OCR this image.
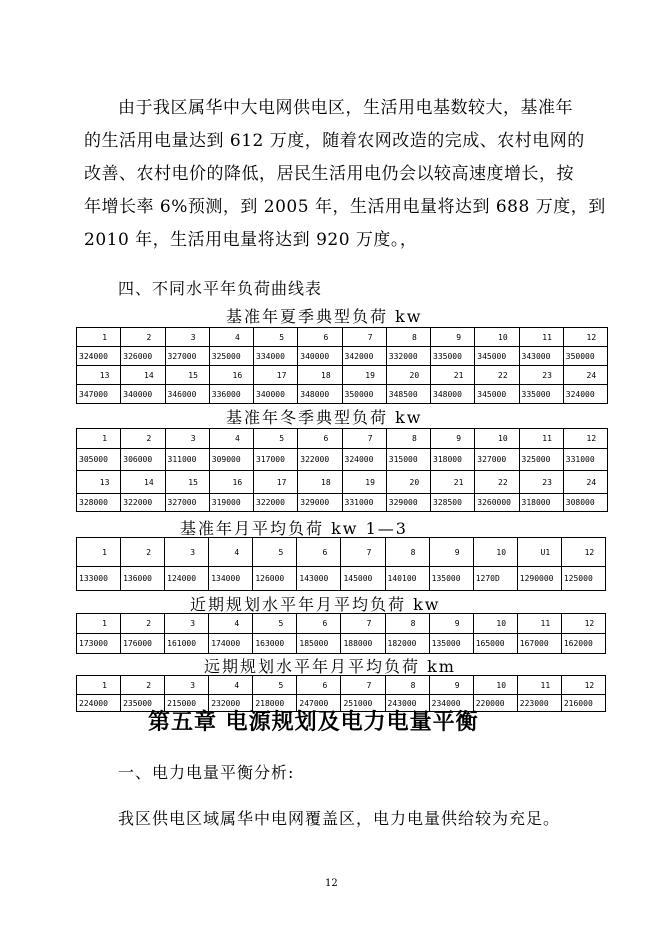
由于我区属华中大电网供电区，生活用电基数较大，基准年
的生活用电量达到 612 万度，随着农网改造的完成、农村电网的
改善、农村电价的降低，居民生活用电仍会以较高速度增长，按
年增长率 6%预测，到 2005 年，生活用电量将达到 688 万度，到
2010 年，生活用电量将达到 920 万度。，
四、不同水平年负荷曲线表
基准年夏季典型负荷 kw
1	2	3	4	5	6	7	8	9	10	11	12
324000	326000	327000	325000	334000	340000	342000	332000	335000	345000	343000	350000
13	14	15	16	17	18	19	20	21	22	23	24
347000	340000	346000	336000	340000	348000	350000	348500	348000	345000	335000	324000
基准年冬季典型负荷 kw
1	2	3	4	5	6	7	8	9	10	11	12
305000	306000	311000	309000	317000	322000	324000	315000	318000	327000	325000	331000
13	14	15	16	17	18	19	20	21	22	23	24
328000	322000	327000	319000	322000	329000	331000	329000	328500	3260000	318000	308000
基准年月平均负荷 kw 1—3
1	2	3	4	5	6	7	8	9	10	U1	12
133000	136000	124000	134000	126000	143000	145000	140100	135000	1270D	1290000	125000
近期规划水平年月平均负荷 kw
1	2	3	4	5	6	7	8	9	10	11	12
173000	176000	161000	174000	163000	185000	188000	182000	135000	165000	167000	162000
远期规划水平年月平均负荷 km
1	2	3	4	5	6	7	8	9	10	11	12
224000	235000	215000	232000	218000	247000	251000	243000	234000	220000	223000	216000
第五章 电源规划及电力电量平衡
一、电力电量平衡分析:
我区供电区域属华中电网覆盖区，电力电量供给较为充足。
12
